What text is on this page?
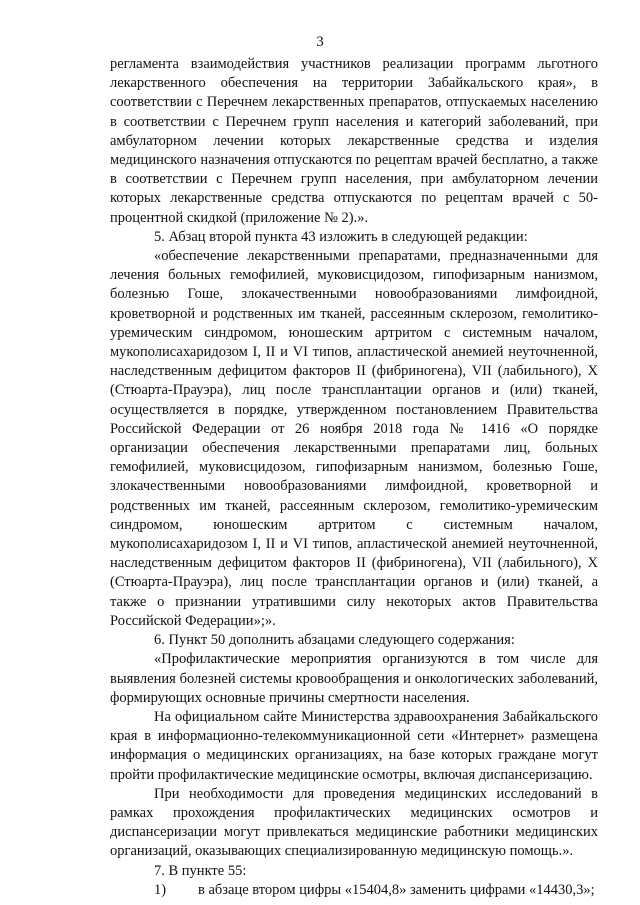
3

регламента взаимодействия участников реализации программ льготного лекарственного обеспечения на территории Забайкальского края», в соответствии с Перечнем лекарственных препаратов, отпускаемых населению в соответствии с Перечнем групп населения и категорий заболеваний, при амбулаторном лечении которых лекарственные средства и изделия медицинского назначения отпускаются по рецептам врачей бесплатно, а также в соответствии с Перечнем групп населения, при амбулаторном лечении которых лекарственные средства отпускаются по рецептам врачей с 50-процентной скидкой (приложение № 2).».

5. Абзац второй пункта 43 изложить в следующей редакции:

«обеспечение лекарственными препаратами, предназначенными для лечения больных гемофилией, муковисцидозом, гипофизарным нанизмом, болезнью Гоше, злокачественными новообразованиями лимфоидной, кроветворной и родственных им тканей, рассеянным склерозом, гемолитико-уремическим синдромом, юношеским артритом с системным началом, мукополисахаридозом I, II и VI типов, апластической анемией неуточненной, наследственным дефицитом факторов II (фибриногена), VII (лабильного), X (Стюарта-Прауэра), лиц после трансплантации органов и (или) тканей, осуществляется в порядке, утвержденном постановлением Правительства Российской Федерации от 26 ноября 2018 года № 1416 «О порядке организации обеспечения лекарственными препаратами лиц, больных гемофилией, муковисцидозом, гипофизарным нанизмом, болезнью Гоше, злокачественными новообразованиями лимфоидной, кроветворной и родственных им тканей, рассеянным склерозом, гемолитико-уремическим синдромом, юношеским артритом с системным началом, мукополисахаридозом I, II и VI типов, апластической анемией неуточненной, наследственным дефицитом факторов II (фибриногена), VII (лабильного), X (Стюарта-Прауэра), лиц после трансплантации органов и (или) тканей, а также о признании утратившими силу некоторых актов Правительства Российской Федерации»;».

6. Пункт 50 дополнить абзацами следующего содержания:

«Профилактические мероприятия организуются в том числе для выявления болезней системы кровообращения и онкологических заболеваний, формирующих основные причины смертности населения.

На официальном сайте Министерства здравоохранения Забайкальского края в информационно-телекоммуникационной сети «Интернет» размещена информация о медицинских организациях, на базе которых граждане могут пройти профилактические медицинские осмотры, включая диспансеризацию.

При необходимости для проведения медицинских исследований в рамках прохождения профилактических медицинских осмотров и диспансеризации могут привлекаться медицинские работники медицинских организаций, оказывающих специализированную медицинскую помощь.».

7. В пункте 55:

1)	в абзаце втором цифры «15404,8» заменить цифрами «14430,3»;
